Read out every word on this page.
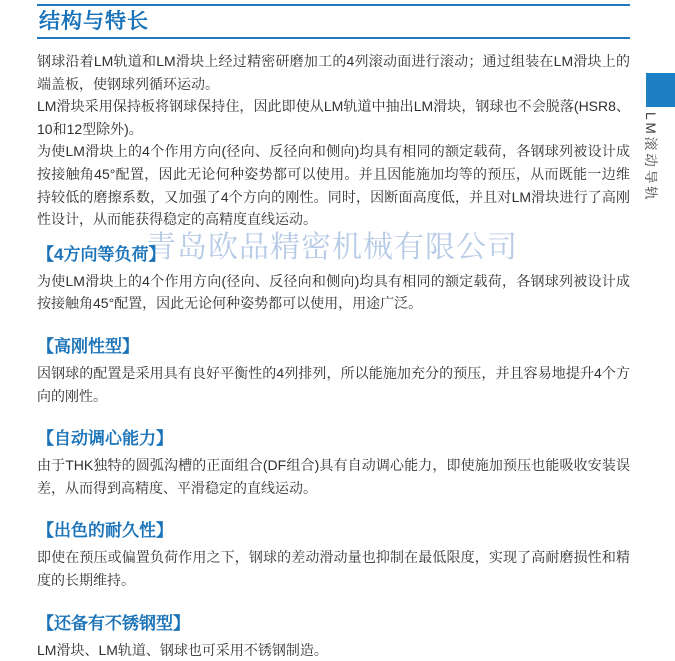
青岛欧品精密机械有限公司
结构与特长

钢球沿着LM轨道和LM滑块上经过精密研磨加工的4列滚动面进行滚动；通过组装在LM滑块上的端盖板，使钢球列循环运动。

LM滑块采用保持板将钢球保持住，因此即使从LM轨道中抽出LM滑块，钢球也不会脱落(HSR8、10和12型除外)。

为使LM滑块上的4个作用方向(径向、反径向和侧向)均具有相同的额定载荷，各钢球列被设计成按接触角45°配置，因此无论何种姿势都可以使用。并且因能施加均等的预压，从而既能一边维持较低的磨擦系数，又加强了4个方向的刚性。同时，因断面高度低，并且对LM滑块进行了高刚性设计，从而能获得稳定的高精度直线运动。

【4方向等负荷】

为使LM滑块上的4个作用方向(径向、反径向和侧向)均具有相同的额定载荷，各钢球列被设计成按接触角45°配置，因此无论何种姿势都可以使用，用途广泛。

【高刚性型】

因钢球的配置是采用具有良好平衡性的4列排列，所以能施加充分的预压，并且容易地提升4个方向的刚性。

【自动调心能力】

由于THK独特的圆弧沟槽的正面组合(DF组合)具有自动调心能力，即使施加预压也能吸收安装误差，从而得到高精度、平滑稳定的直线运动。

【出色的耐久性】

即使在预压或偏置负荷作用之下，钢球的差动滑动量也抑制在最低限度，实现了高耐磨损性和精度的长期维持。

【还备有不锈钢型】

LM滑块、LM轨道、钢球也可采用不锈钢制造。

LM滚动导轨
